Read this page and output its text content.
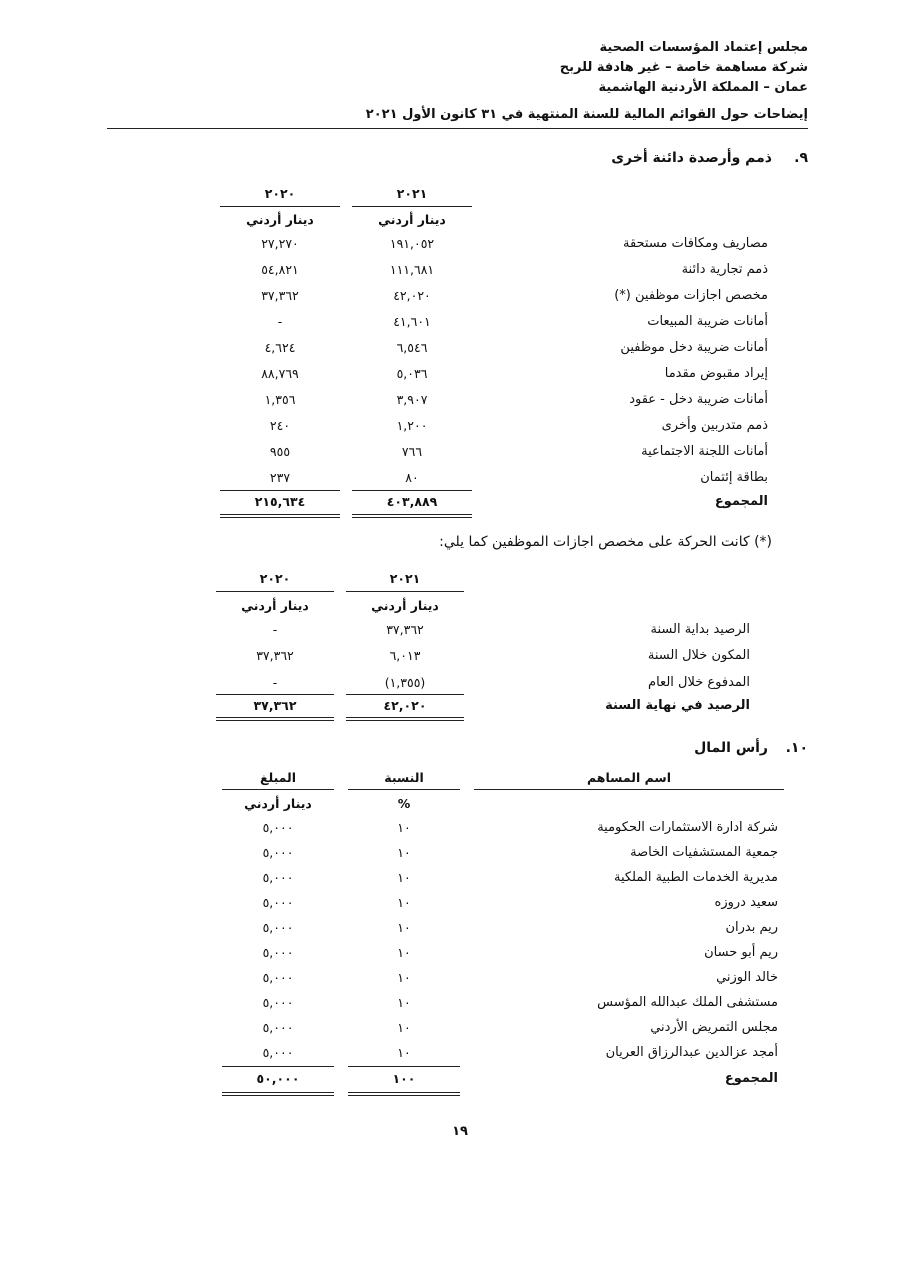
مجلس إعتماد المؤسسات الصحية
شركة مساهمة خاصة – غير هادفة للربح
عمان – المملكة الأردنية الهاشمية
إيضاحات حول القوائم المالية للسنة المنتهية في ٣١ كانون الأول ٢٠٢١
.٩
ذمم وأرصدة دائنة أخرى
٢٠٢١
٢٠٢٠
دينار أردني
دينار أردني
مصاريف ومكافات مستحقة
١٩١,٠٥٢
٢٧,٢٧٠
ذمم تجارية دائنة
١١١,٦٨١
٥٤,٨٢١
مخصص اجازات موظفين (*)
٤٢,٠٢٠
٣٧,٣٦٢
أمانات ضريبة المبيعات
٤١,٦٠١
-
أمانات ضريبة دخل موظفين
٦,٥٤٦
٤,٦٢٤
إيراد مقبوض مقدما
٥,٠٣٦
٨٨,٧٦٩
أمانات ضريبة دخل - عقود
٣,٩٠٧
١,٣٥٦
ذمم متدربين وأخرى
١,٢٠٠
٢٤٠
أمانات اللجنة الاجتماعية
٧٦٦
٩٥٥
بطاقة إئتمان
٨٠
٢٣٧
المجموع
٤٠٣,٨٨٩
٢١٥,٦٣٤
(*) كانت الحركة على مخصص اجازات الموظفين كما يلي:
٢٠٢١
٢٠٢٠
دينار أردني
دينار أردني
الرصيد بداية السنة
٣٧,٣٦٢
-
المكون خلال السنة
٦,٠١٣
٣٧,٣٦٢
المدفوع خلال العام
(١,٣٥٥)
-
الرصيد في نهاية السنة
٤٢,٠٢٠
٣٧,٣٦٢
.١٠
رأس المال
اسم المساهم
النسبة
المبلغ
%
دينار أردني
شركة ادارة الاستثمارات الحكومية
١٠
٥,٠٠٠
جمعية المستشفيات الخاصة
١٠
٥,٠٠٠
مديرية الخدمات الطبية الملكية
١٠
٥,٠٠٠
سعيد دروزه
١٠
٥,٠٠٠
ريم بدران
١٠
٥,٠٠٠
ريم أبو حسان
١٠
٥,٠٠٠
خالد الوزني
١٠
٥,٠٠٠
مستشفى الملك عبدالله المؤسس
١٠
٥,٠٠٠
مجلس التمريض الأردني
١٠
٥,٠٠٠
أمجد عزالدين عبدالرزاق العريان
١٠
٥,٠٠٠
المجموع
١٠٠
٥٠,٠٠٠
١٩
